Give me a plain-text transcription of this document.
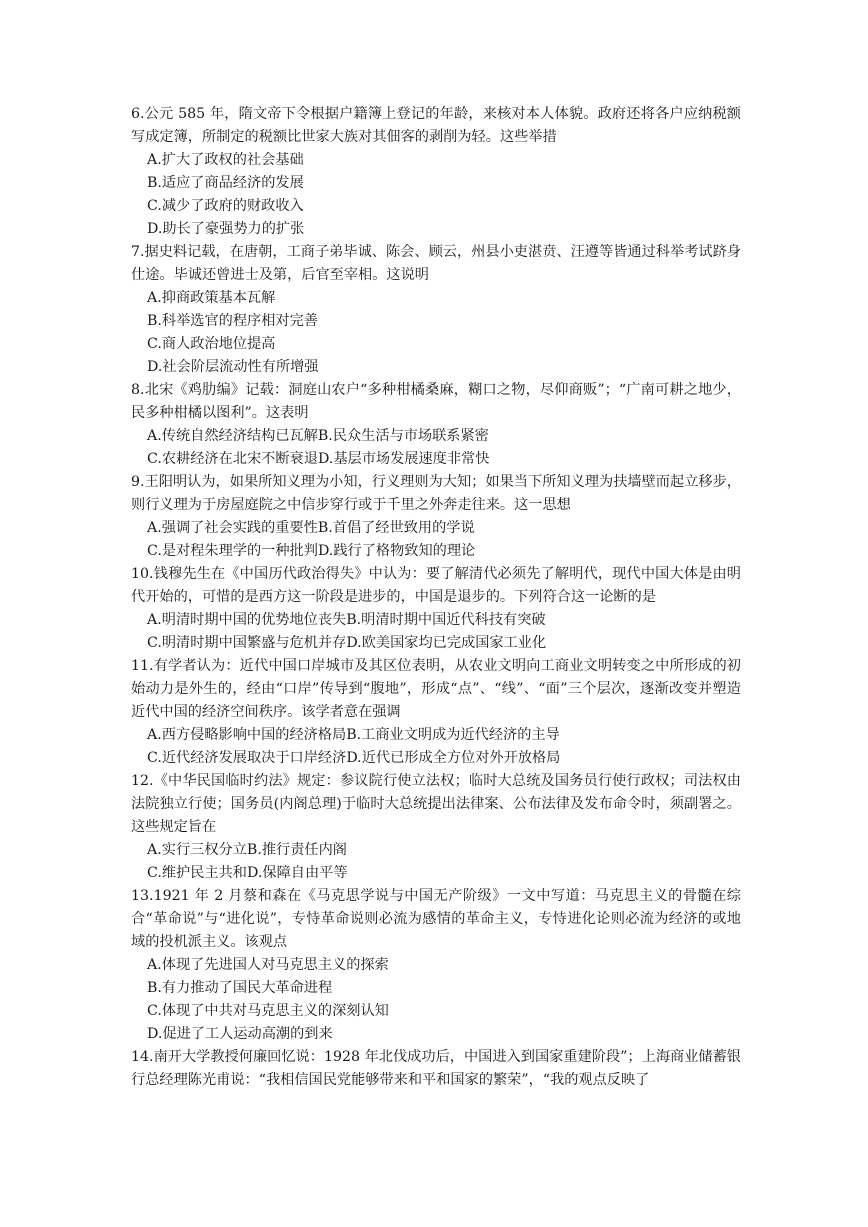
6.公元 585 年，隋文帝下令根据户籍簿上登记的年龄，来核对本人体貌。政府还将各户应纳税额写成定簿，所制定的税额比世家大族对其佃客的剥削为轻。这些举措

A.扩大了政权的社会基础

B.适应了商品经济的发展

C.减少了政府的财政收入

D.助长了豪强势力的扩张

7.据史料记载，在唐朝，工商子弟毕诚、陈会、顾云，州县小吏湛贲、汪遵等皆通过科举考试跻身仕途。毕诚还曾进士及第，后官至宰相。这说明

A.抑商政策基本瓦解

B.科举选官的程序相对完善

C.商人政治地位提高

D.社会阶层流动性有所增强

8.北宋《鸡肋编》记载：洞庭山农户“多种柑橘桑麻，糊口之物，尽仰商贩”；“广南可耕之地少，民多种柑橘以图利”。这表明

A.传统自然经济结构已瓦解B.民众生活与市场联系紧密

C.农耕经济在北宋不断衰退D.基层市场发展速度非常快

9.王阳明认为，如果所知义理为小知，行义理则为大知；如果当下所知义理为扶墙壁而起立移步，则行义理为于房屋庭院之中信步穿行或于千里之外奔走往来。这一思想

A.强调了社会实践的重要性B.首倡了经世致用的学说

C.是对程朱理学的一种批判D.践行了格物致知的理论

10.钱穆先生在《中国历代政治得失》中认为：要了解清代必须先了解明代，现代中国大体是由明代开始的，可惜的是西方这一阶段是进步的，中国是退步的。下列符合这一论断的是

A.明清时期中国的优势地位丧失B.明清时期中国近代科技有突破

C.明清时期中国繁盛与危机并存D.欧美国家均已完成国家工业化

11.有学者认为：近代中国口岸城市及其区位表明，从农业文明向工商业文明转变之中所形成的初始动力是外生的，经由“口岸”传导到“腹地”，形成“点”、“线”、“面”三个层次，逐渐改变并塑造近代中国的经济空间秩序。该学者意在强调

A.西方侵略影响中国的经济格局B.工商业文明成为近代经济的主导

C.近代经济发展取决于口岸经济D.近代已形成全方位对外开放格局

12.《中华民国临时约法》规定：参议院行使立法权；临时大总统及国务员行使行政权；司法权由法院独立行使；国务员(内阁总理)于临时大总统提出法律案、公布法律及发布命令时，须副署之。这些规定旨在

A.实行三权分立B.推行责任内阁

C.维护民主共和D.保障自由平等

13.1921 年 2 月蔡和森在《马克思学说与中国无产阶级》一文中写道：马克思主义的骨髓在综合“革命说”与“进化说”，专恃革命说则必流为感情的革命主义，专恃进化论则必流为经济的或地域的投机派主义。该观点

A.体现了先进国人对马克思主义的探索

B.有力推动了国民大革命进程

C.体现了中共对马克思主义的深刻认知

D.促进了工人运动高潮的到来

14.南开大学教授何廉回忆说：1928 年北伐成功后，中国进入到国家重建阶段”；上海商业储蓄银行总经理陈光甫说：“我相信国民党能够带来和平和国家的繁荣”，“我的观点反映了
